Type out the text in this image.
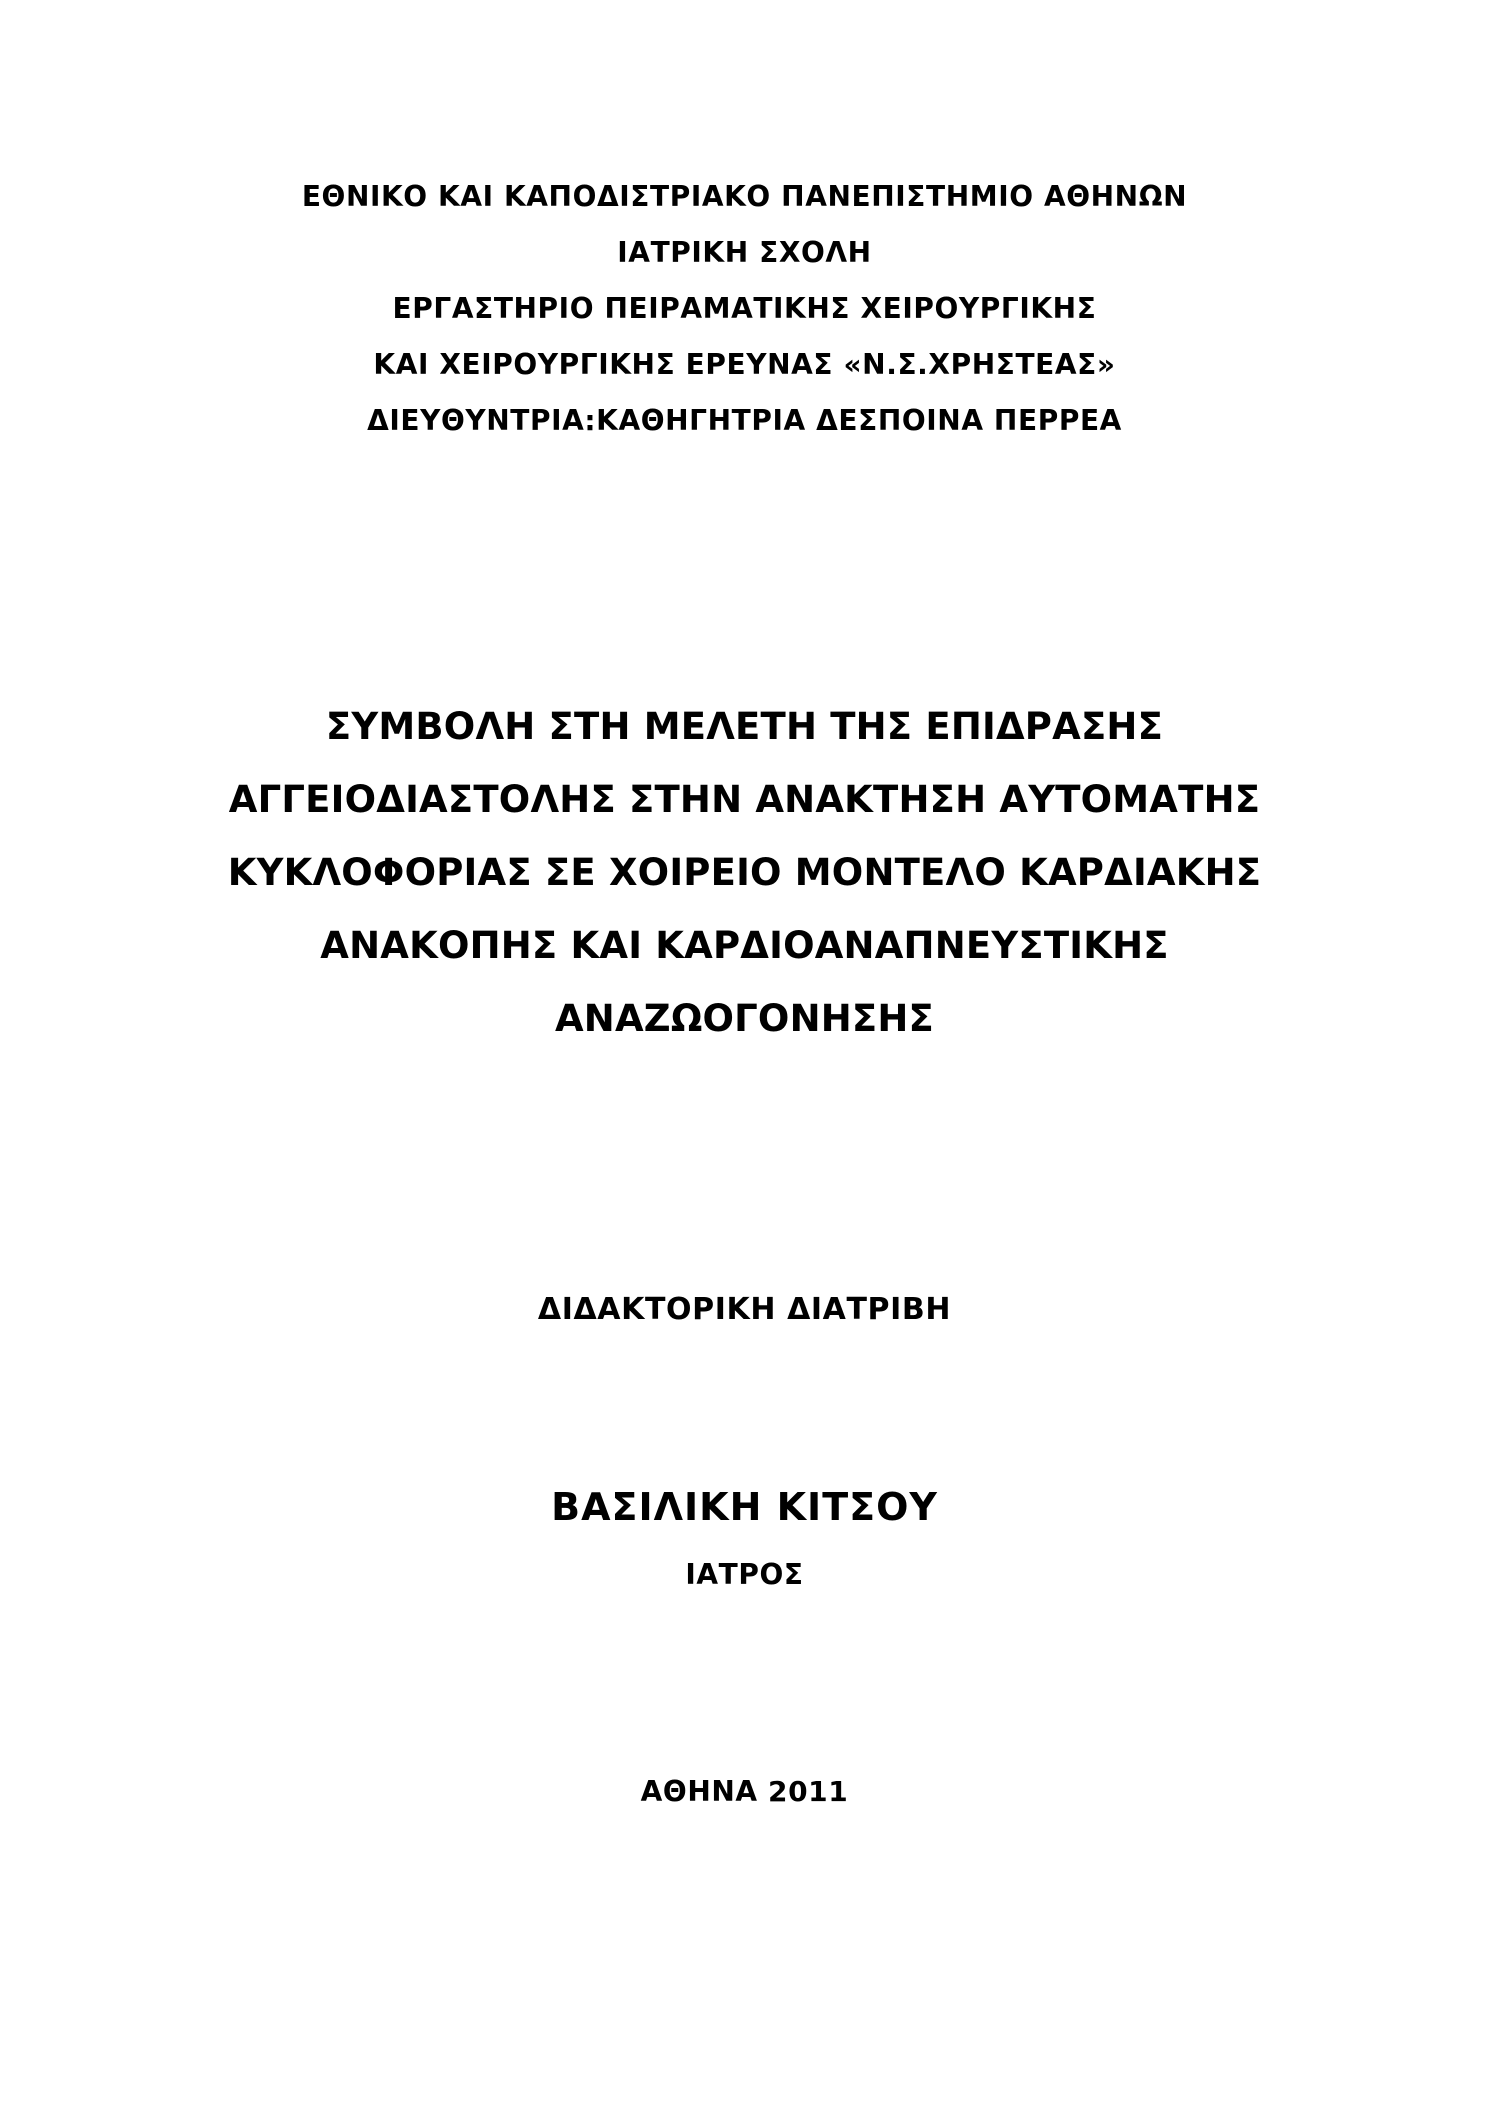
ΕΘΝΙΚΟ ΚΑΙ ΚΑΠΟΔΙΣΤΡΙΑΚΟ ΠΑΝΕΠΙΣΤΗΜΙΟ ΑΘΗΝΩΝ

ΙΑΤΡΙΚΗ ΣΧΟΛΗ

ΕΡΓΑΣΤΗΡΙΟ ΠΕΙΡΑΜΑΤΙΚΗΣ ΧΕΙΡΟΥΡΓΙΚΗΣ

ΚΑΙ ΧΕΙΡΟΥΡΓΙΚΗΣ ΕΡΕΥΝΑΣ «Ν.Σ.ΧΡΗΣΤΕΑΣ»

ΔΙΕΥΘΥΝΤΡΙΑ:ΚΑΘΗΓΗΤΡΙΑ ΔΕΣΠΟΙΝΑ ΠΕΡΡΕΑ

ΣΥΜΒΟΛΗ ΣΤΗ ΜΕΛΕΤΗ ΤΗΣ ΕΠΙΔΡΑΣΗΣ

ΑΓΓΕΙΟΔΙΑΣΤΟΛΗΣ ΣΤΗΝ ΑΝΑΚΤΗΣΗ ΑΥΤΟΜΑΤΗΣ

ΚΥΚΛΟΦΟΡΙΑΣ ΣΕ ΧΟΙΡΕΙΟ ΜΟΝΤΕΛΟ ΚΑΡΔΙΑΚΗΣ

ΑΝΑΚΟΠΗΣ ΚΑΙ ΚΑΡΔΙΟΑΝΑΠΝΕΥΣΤΙΚΗΣ

ΑΝΑΖΩΟΓΟΝΗΣΗΣ

ΔΙΔΑΚΤΟΡΙΚΗ ΔΙΑΤΡΙΒΗ

ΒΑΣΙΛΙΚΗ ΚΙΤΣΟΥ

ΙΑΤΡΟΣ

ΑΘΗΝΑ 2011
